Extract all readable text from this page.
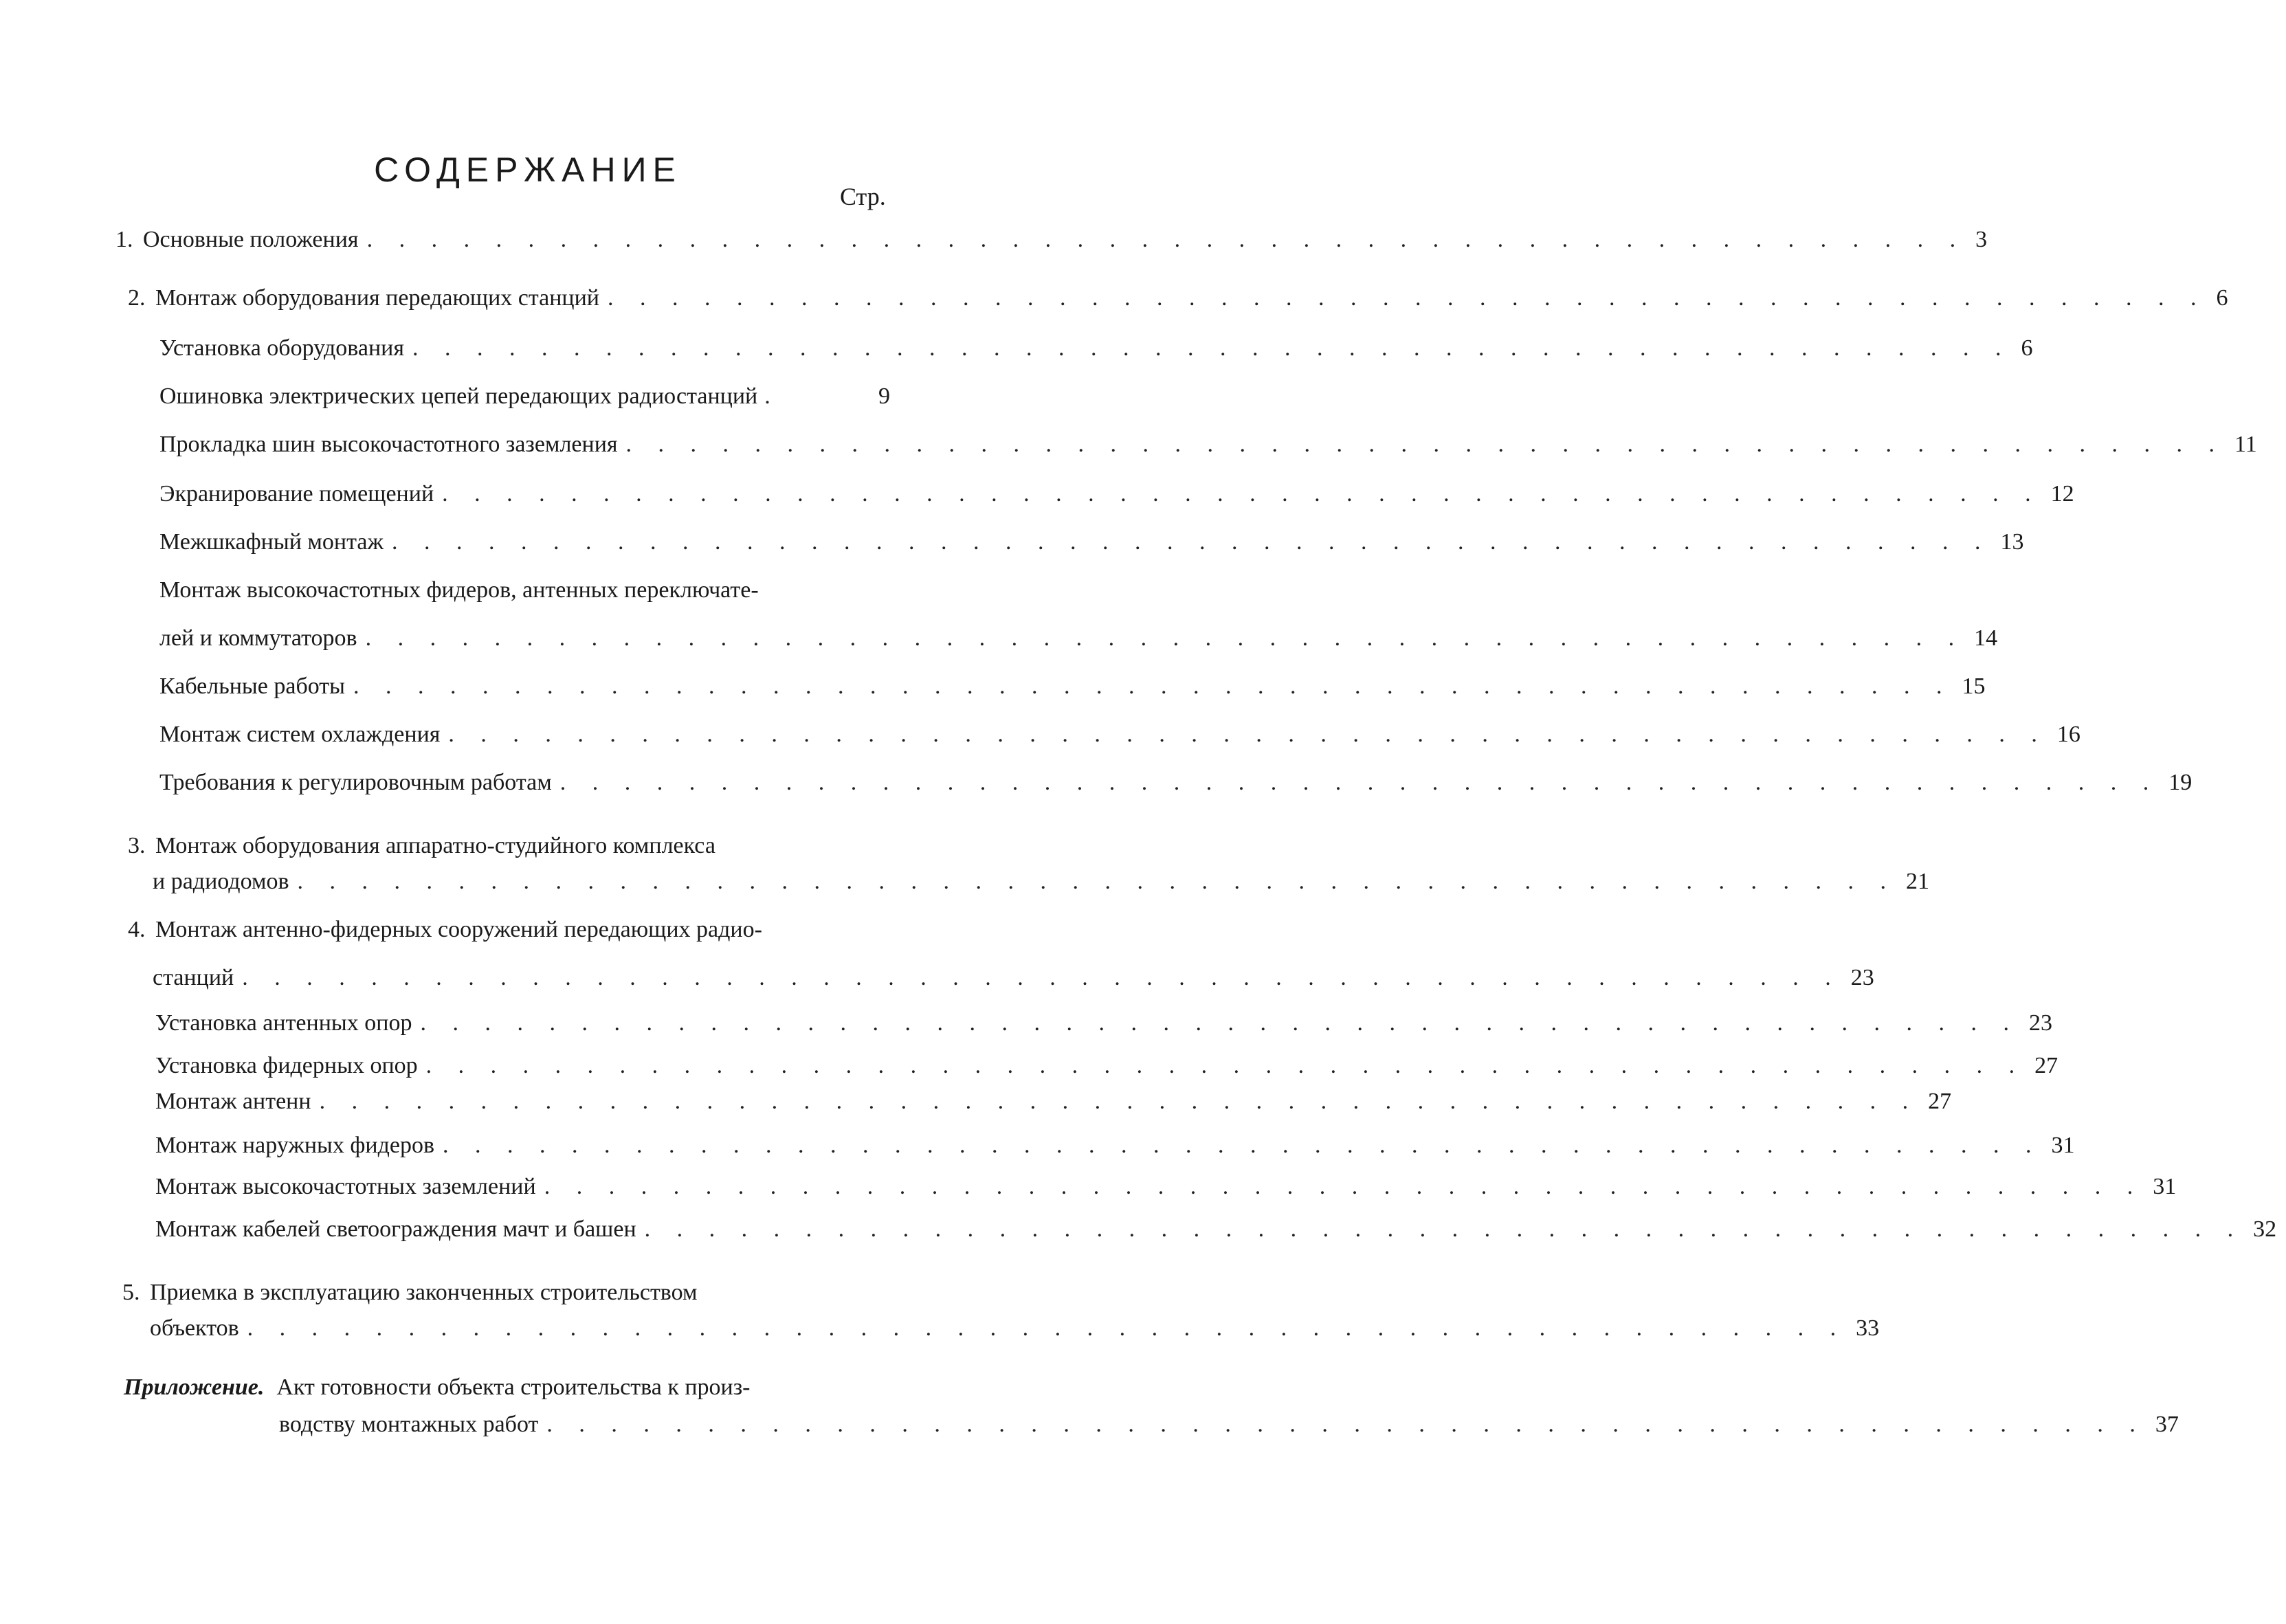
СОДЕРЖАНИЕ
Стр.
1. Основные положения . . . . . . . . . . . . . . . . . . . . . . . . . . . . . . . . . . . . . . . . . . . . . . . . . . 3
2. Монтаж оборудования передающих станций . . . . . . . . . . . . . . . . . . . . . . . . . . . . . . . . . . . . . . . . . . . . . . . . . . 6
Установка оборудования . . . . . . . . . . . . . . . . . . . . . . . . . . . . . . . . . . . . . . . . . . . . . . . . . . 6
Ошиновка электрических цепей передающих радиостанций .	9
Прокладка шин высокочастотного заземления . . . . . . . . . . . . . . . . . . . . . . . . . . . . . . . . . . . . . . . . . . . . . . . . . . 11
Экранирование помещений . . . . . . . . . . . . . . . . . . . . . . . . . . . . . . . . . . . . . . . . . . . . . . . . . . 12
Межшкафный монтаж . . . . . . . . . . . . . . . . . . . . . . . . . . . . . . . . . . . . . . . . . . . . . . . . . . 13
Монтаж высокочастотных фидеров, антенных переключате-
лей и коммутаторов . . . . . . . . . . . . . . . . . . . . . . . . . . . . . . . . . . . . . . . . . . . . . . . . . . 14
Кабельные работы . . . . . . . . . . . . . . . . . . . . . . . . . . . . . . . . . . . . . . . . . . . . . . . . . . 15
Монтаж систем охлаждения . . . . . . . . . . . . . . . . . . . . . . . . . . . . . . . . . . . . . . . . . . . . . . . . . . 16
Требования к регулировочным работам . . . . . . . . . . . . . . . . . . . . . . . . . . . . . . . . . . . . . . . . . . . . . . . . . . 19
3. Монтаж оборудования аппаратно-студийного комплекса
и радиодомов . . . . . . . . . . . . . . . . . . . . . . . . . . . . . . . . . . . . . . . . . . . . . . . . . . 21
4. Монтаж антенно-фидерных сооружений передающих радио-
станций . . . . . . . . . . . . . . . . . . . . . . . . . . . . . . . . . . . . . . . . . . . . . . . . . . 23
Установка антенных опор . . . . . . . . . . . . . . . . . . . . . . . . . . . . . . . . . . . . . . . . . . . . . . . . . . 23
Установка фидерных опор . . . . . . . . . . . . . . . . . . . . . . . . . . . . . . . . . . . . . . . . . . . . . . . . . . 27
Монтаж антенн . . . . . . . . . . . . . . . . . . . . . . . . . . . . . . . . . . . . . . . . . . . . . . . . . . 27
Монтаж наружных фидеров . . . . . . . . . . . . . . . . . . . . . . . . . . . . . . . . . . . . . . . . . . . . . . . . . . 31
Монтаж высокочастотных заземлений . . . . . . . . . . . . . . . . . . . . . . . . . . . . . . . . . . . . . . . . . . . . . . . . . . 31
Монтаж кабелей светоограждения мачт и башен . . . . . . . . . . . . . . . . . . . . . . . . . . . . . . . . . . . . . . . . . . . . . . . . . . 32
5. Приемка в эксплуатацию законченных строительством
объектов . . . . . . . . . . . . . . . . . . . . . . . . . . . . . . . . . . . . . . . . . . . . . . . . . . 33
Приложение. Акт готовности объекта строительства к произ-
водству монтажных работ . . . . . . . . . . . . . . . . . . . . . . . . . . . . . . . . . . . . . . . . . . . . . . . . . . 37
